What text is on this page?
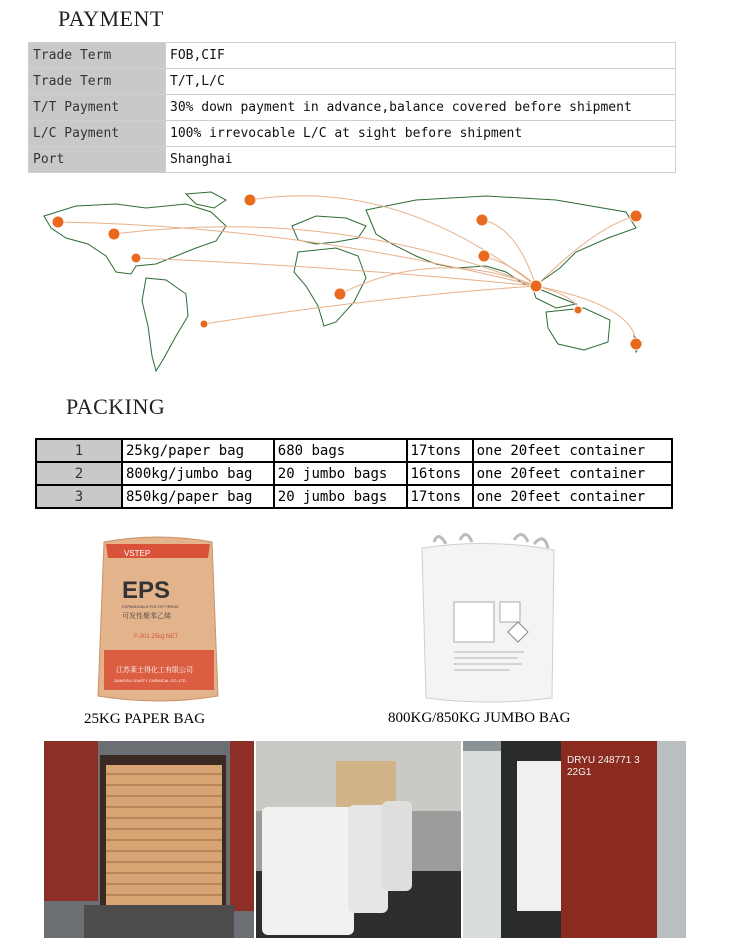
PAYMENT
Trade Term	FOB,CIF
Trade Term	T/T,L/C
T/T Payment	30% down payment in advance,balance covered before shipment
L/C Payment	100% irrevocable L/C at sight before shipment
Port	Shanghai
PACKING
1	25kg/paper bag	680 bags	17tons	one 20feet container
2	800kg/jumbo bag	20 jumbo bags	16tons	one 20feet container
3	850kg/paper bag	20 jumbo bags	17tons	one 20feet container
VSTEP
EPS
EXPANDABLE POLYSTYRENE
可发性聚苯乙烯
F-301 25kg NET
江苏莱士得化工有限公司
JIANGSU LEASTY CHEMICAL CO.,LTD.
25KG PAPER BAG	800KG/850KG JUMBO BAG
DRYU 248771 3
22G1
